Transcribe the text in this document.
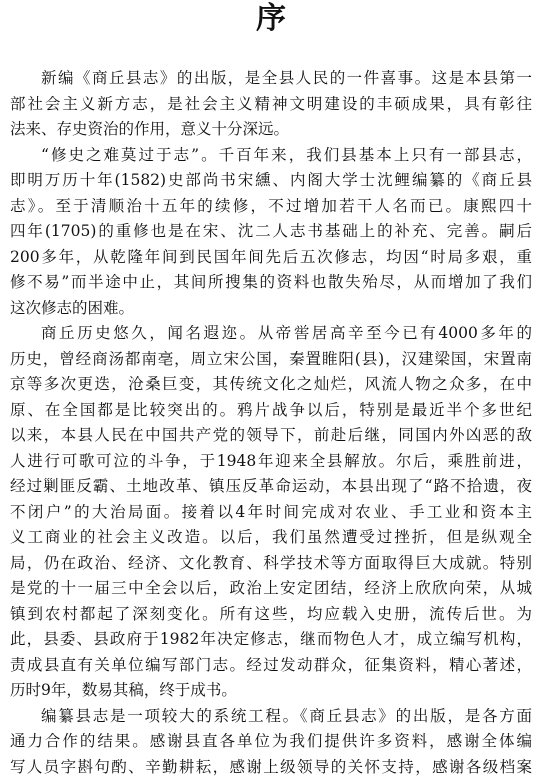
序
新编《商丘县志》的出版，是全县人民的一件喜事。这是本县第一
部社会主义新方志，是社会主义精神文明建设的丰硕成果，具有彰往
法来、存史资治的作用，意义十分深远。
“修史之难莫过于志”。千百年来，我们县基本上只有一部县志，
即明万历十年(1582)史部尚书宋纁、内阁大学士沈鲤编纂的《商丘县
志》。至于清顺治十五年的续修，不过增加若干人名而已。康熙四十
四年(1705)的重修也是在宋、沈二人志书基础上的补充、完善。嗣后
200多年，从乾隆年间到民国年间先后五次修志，均因“时局多艰，重
修不易”而半途中止，其间所搜集的资料也散失殆尽，从而增加了我们
这次修志的困难。
商丘历史悠久，闻名遐迩。从帝喾居高辛至今已有4000多年的
历史，曾经商汤都南亳，周立宋公国，秦置睢阳(县)，汉建梁国，宋置南
京等多次更迭，沧桑巨变，其传统文化之灿烂，风流人物之众多，在中
原、在全国都是比较突出的。鸦片战争以后，特别是最近半个多世纪
以来，本县人民在中国共产党的领导下，前赴后继，同国内外凶恶的敌
人进行可歌可泣的斗争，于1948年迎来全县解放。尔后，乘胜前进，
经过剿匪反霸、土地改革、镇压反革命运动，本县出现了“路不拾遗，夜
不闭户”的大治局面。接着以4年时间完成对农业、手工业和资本主
义工商业的社会主义改造。以后，我们虽然遭受过挫折，但是纵观全
局，仍在政治、经济、文化教育、科学技术等方面取得巨大成就。特别
是党的十一届三中全会以后，政治上安定团结，经济上欣欣向荣，从城
镇到农村都起了深刻变化。所有这些，均应载入史册，流传后世。为
此，县委、县政府于1982年决定修志，继而物色人才，成立编写机构，
责成县直有关单位编写部门志。经过发动群众，征集资料，精心著述，
历时9年，数易其稿，终于成书。
编纂县志是一项较大的系统工程。《商丘县志》的出版，是各方面
通力合作的结果。感谢县直各单位为我们提供许多资料，感谢全体编
写人员字斟句酌、辛勤耕耘，感谢上级领导的关怀支持，感谢各级档案
